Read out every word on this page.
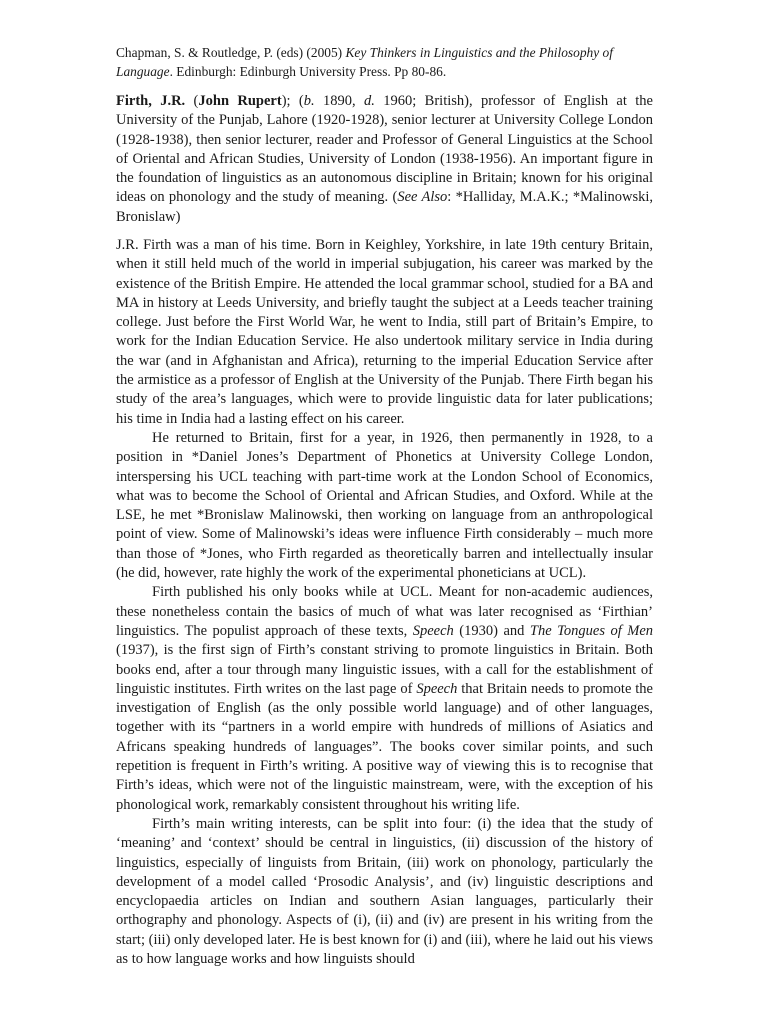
Chapman, S. & Routledge, P. (eds) (2005) Key Thinkers in Linguistics and the Philosophy of Language. Edinburgh: Edinburgh University Press. Pp 80-86.

Firth, J.R. (John Rupert); (b. 1890, d. 1960; British), professor of English at the University of the Punjab, Lahore (1920-1928), senior lecturer at University College London (1928-1938), then senior lecturer, reader and Professor of General Linguistics at the School of Oriental and African Studies, University of London (1938-1956). An important figure in the foundation of linguistics as an autonomous discipline in Britain; known for his original ideas on phonology and the study of meaning. (See Also: *Halliday, M.A.K.; *Malinowski, Bronislaw)

J.R. Firth was a man of his time. Born in Keighley, Yorkshire, in late 19th century Britain, when it still held much of the world in imperial subjugation, his career was marked by the existence of the British Empire. He attended the local grammar school, studied for a BA and MA in history at Leeds University, and briefly taught the subject at a Leeds teacher training college. Just before the First World War, he went to India, still part of Britain’s Empire, to work for the Indian Education Service. He also undertook military service in India during the war (and in Afghanistan and Africa), returning to the imperial Education Service after the armistice as a professor of English at the University of the Punjab. There Firth began his study of the area’s languages, which were to provide linguistic data for later publications; his time in India had a lasting effect on his career.

He returned to Britain, first for a year, in 1926, then permanently in 1928, to a position in *Daniel Jones’s Department of Phonetics at University College London, interspersing his UCL teaching with part-time work at the London School of Economics, what was to become the School of Oriental and African Studies, and Oxford. While at the LSE, he met *Bronislaw Malinowski, then working on language from an anthropological point of view. Some of Malinowski’s ideas were influence Firth considerably – much more than those of *Jones, who Firth regarded as theoretically barren and intellectually insular (he did, however, rate highly the work of the experimental phoneticians at UCL).

Firth published his only books while at UCL. Meant for non-academic audiences, these nonetheless contain the basics of much of what was later recognised as ‘Firthian’ linguistics. The populist approach of these texts, Speech (1930) and The Tongues of Men (1937), is the first sign of Firth’s constant striving to promote linguistics in Britain. Both books end, after a tour through many linguistic issues, with a call for the establishment of linguistic institutes. Firth writes on the last page of Speech that Britain needs to promote the investigation of English (as the only possible world language) and of other languages, together with its “partners in a world empire with hundreds of millions of Asiatics and Africans speaking hundreds of languages”. The books cover similar points, and such repetition is frequent in Firth’s writing. A positive way of viewing this is to recognise that Firth’s ideas, which were not of the linguistic mainstream, were, with the exception of his phonological work, remarkably consistent throughout his writing life.

Firth’s main writing interests, can be split into four: (i) the idea that the study of ‘meaning’ and ‘context’ should be central in linguistics, (ii) discussion of the history of linguistics, especially of linguists from Britain, (iii) work on phonology, particularly the development of a model called ‘Prosodic Analysis’, and (iv) linguistic descriptions and encyclopaedia articles on Indian and southern Asian languages, particularly their orthography and phonology. Aspects of (i), (ii) and (iv) are present in his writing from the start; (iii) only developed later. He is best known for (i) and (iii), where he laid out his views as to how language works and how linguists should
